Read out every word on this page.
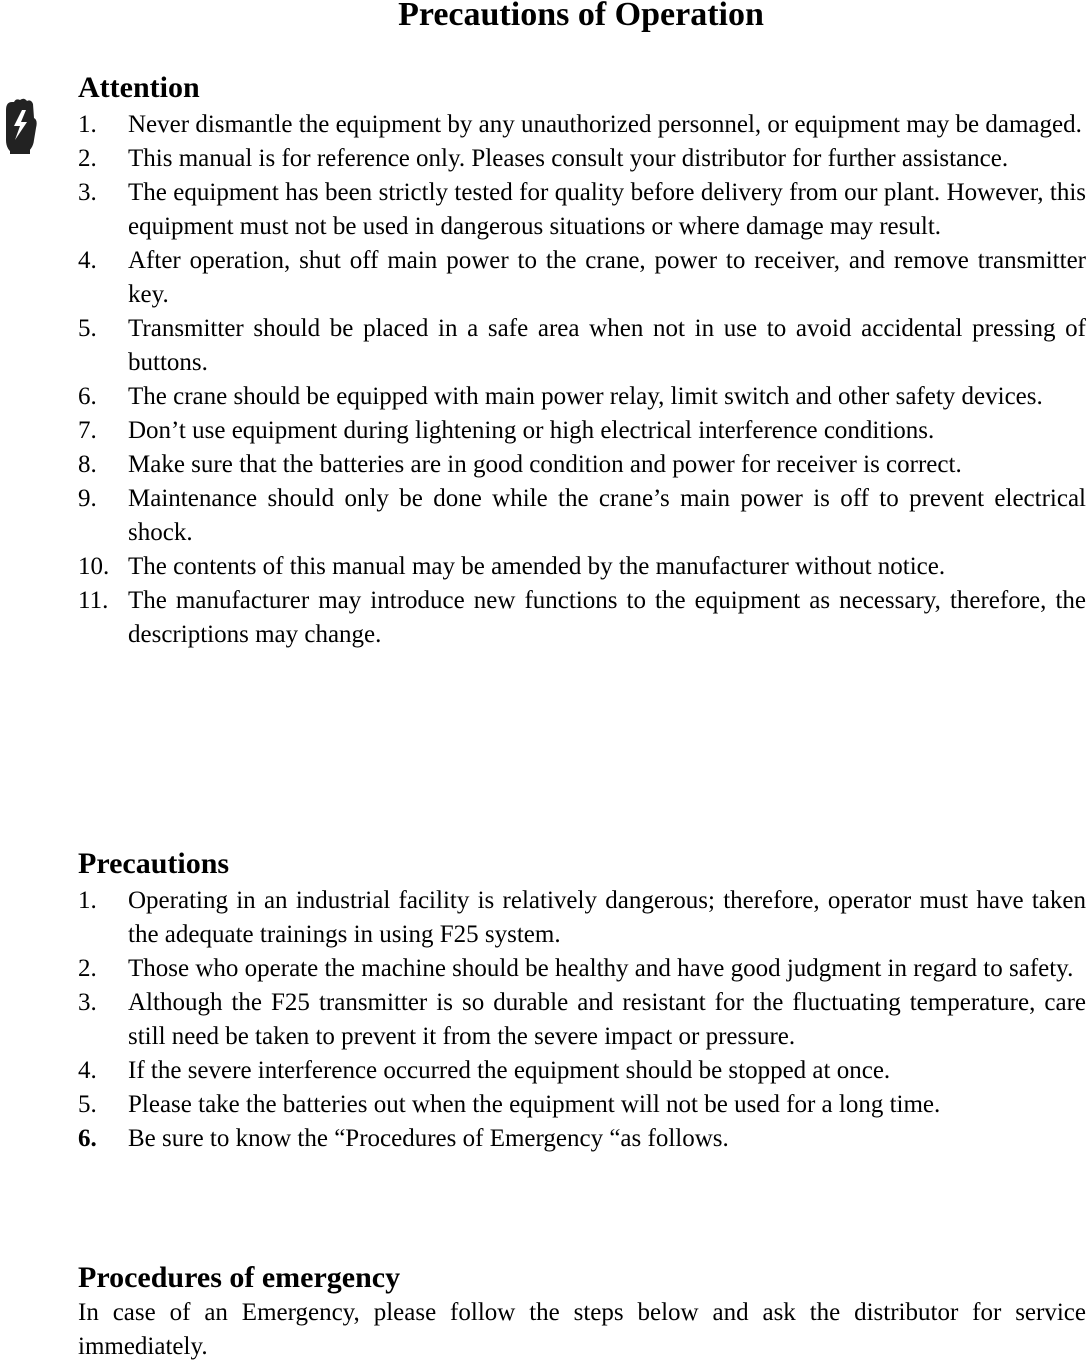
Precautions of Operation
Attention
1.	Never dismantle the equipment by any unauthorized personnel, or equipment may be damaged.
2.	This manual is for reference only. Pleases consult your distributor for further assistance.
3.	The equipment has been strictly tested for quality before delivery from our plant. However, this equipment must not be used in dangerous situations or where damage may result.
4.	After operation, shut off main power to the crane, power to receiver, and remove transmitter key.
5.	Transmitter should be placed in a safe area when not in use to avoid accidental pressing of buttons.
6.	The crane should be equipped with main power relay, limit switch and other safety devices.
7.	Don’t use equipment during lightening or high electrical interference conditions.
8.	Make sure that the batteries are in good condition and power for receiver is correct.
9.	Maintenance should only be done while the crane’s main power is off to prevent electrical shock.
10. The contents of this manual may be amended by the manufacturer without notice.
11. The manufacturer may introduce new functions to the equipment as necessary, therefore, the descriptions may change.
Precautions
1.	Operating in an industrial facility is relatively dangerous; therefore, operator must have taken the adequate trainings in using F25 system.
2.	Those who operate the machine should be healthy and have good judgment in regard to safety.
3.	Although the F25 transmitter is so durable and resistant for the fluctuating temperature, care still need be taken to prevent it from the severe impact or pressure.
4.	If the severe interference occurred the equipment should be stopped at once.
5.	Please take the batteries out when the equipment will not be used for a long time.
6.	Be sure to know the “Procedures of Emergency “as follows.
Procedures of emergency

In case of an Emergency, please follow the steps below and ask the distributor for service immediately.
